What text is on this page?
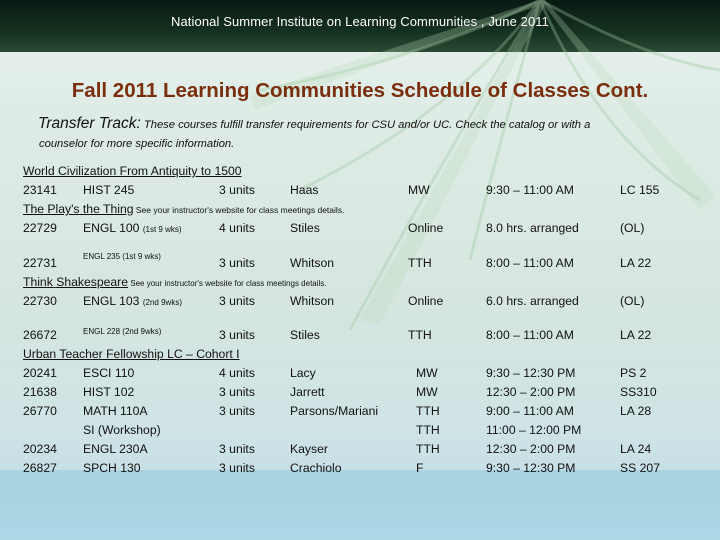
National Summer Institute on Learning Communities , June 2011
Fall 2011 Learning Communities Schedule of Classes Cont.
Transfer Track: These courses fulfill transfer requirements for CSU and/or UC. Check the catalog or with a
counselor for more specific information.
World Civilization From Antiquity to 1500
23141 HIST 245	3 units	Haas	MW	9:30 – 11:00 AM	LC 155
The Play's the Thing See your instructor's website for class meetings details.
22729 ENGL 100 (1st 9 wks)	4 units	Stiles	Online	8.0 hrs. arranged	(OL)
22731	ENGL 235 (1st 9 wks)	3 units	Whitson	TTH	8:00 – 11:00 AM	LA 22
Think Shakespeare See your instructor's website for class meetings details.
22730 ENGL 103 (2nd 9wks)	3 units	Whitson	Online	6.0 hrs. arranged	(OL)
26672	ENGL 228 (2nd 9wks)	3 units	Stiles	TTH	8:00 – 11:00 AM	LA 22
Urban Teacher Fellowship LC – Cohort I
20241 ESCI 110	4 units	Lacy	MW	9:30 – 12:30 PM	PS 2
21638 HIST 102	3 units	Jarrett	MW	12:30 – 2:00 PM	SS310
26770 MATH 110A	3 units	Parsons/Mariani	TTH	9:00 – 11:00 AM	LA 28
SI (Workshop)	TTH	11:00 – 12:00 PM
20234 ENGL 230A	3 units	Kayser	TTH	12:30 – 2:00 PM	LA 24
26827 SPCH 130	3 units	Crachiolo	F	9:30 – 12:30 PM	SS 207
